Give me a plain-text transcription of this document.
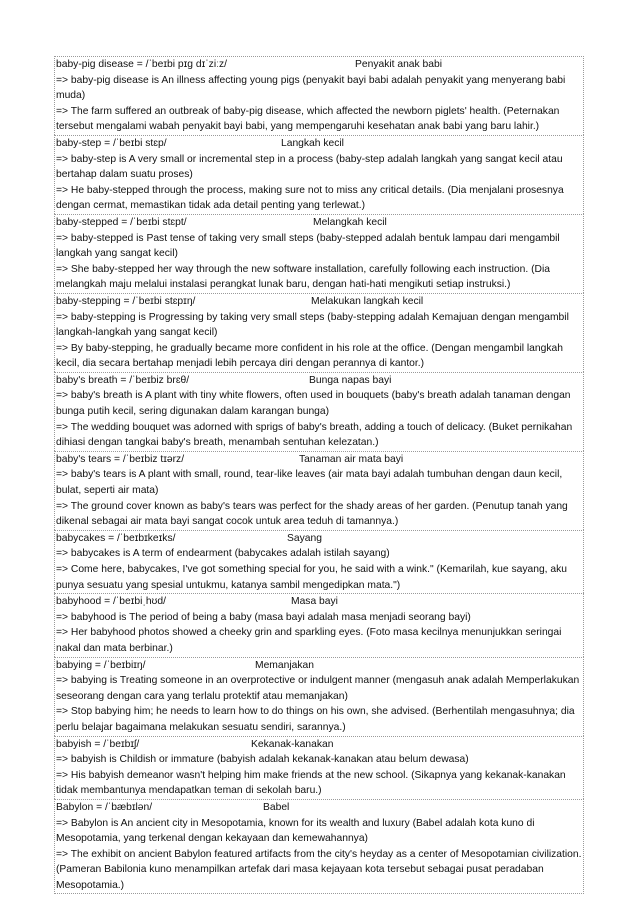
baby-pig disease = /ˈbeɪbi pɪɡ dɪˈziːz/	Penyakit anak babi
=> baby-pig disease is An illness affecting young pigs (penyakit bayi babi adalah penyakit yang menyerang babi muda)
=> The farm suffered an outbreak of baby-pig disease, which affected the newborn piglets' health. (Peternakan tersebut mengalami wabah penyakit bayi babi, yang mempengaruhi kesehatan anak babi yang baru lahir.)
baby-step = /ˈbeɪbi stɛp/	Langkah kecil
=> baby-step is A very small or incremental step in a process (baby-step adalah langkah yang sangat kecil atau bertahap dalam suatu proses)
=> He baby-stepped through the process, making sure not to miss any critical details. (Dia menjalani prosesnya dengan cermat, memastikan tidak ada detail penting yang terlewat.)
baby-stepped = /ˈbeɪbi stɛpt/	Melangkah kecil
=> baby-stepped is Past tense of taking very small steps (baby-stepped adalah bentuk lampau dari mengambil langkah yang sangat kecil)
=> She baby-stepped her way through the new software installation, carefully following each instruction. (Dia melangkah maju melalui instalasi perangkat lunak baru, dengan hati-hati mengikuti setiap instruksi.)
baby-stepping = /ˈbeɪbi stɛpɪŋ/	Melakukan langkah kecil
=> baby-stepping is Progressing by taking very small steps (baby-stepping adalah Kemajuan dengan mengambil langkah-langkah yang sangat kecil)
=> By baby-stepping, he gradually became more confident in his role at the office. (Dengan mengambil langkah kecil, dia secara bertahap menjadi lebih percaya diri dengan perannya di kantor.)
baby's breath = /ˈbeɪbiz brɛθ/	Bunga napas bayi
=> baby's breath is A plant with tiny white flowers, often used in bouquets (baby's breath adalah tanaman dengan bunga putih kecil, sering digunakan dalam karangan bunga)
=> The wedding bouquet was adorned with sprigs of baby's breath, adding a touch of delicacy. (Buket pernikahan dihiasi dengan tangkai baby's breath, menambah sentuhan kelezatan.)
baby's tears = /ˈbeɪbiz tɪərz/	Tanaman air mata bayi
=> baby's tears is A plant with small, round, tear-like leaves (air mata bayi adalah tumbuhan dengan daun kecil, bulat, seperti air mata)
=> The ground cover known as baby's tears was perfect for the shady areas of her garden. (Penutup tanah yang dikenal sebagai air mata bayi sangat cocok untuk area teduh di tamannya.)
babycakes = /ˈbeɪbɪkeɪks/	Sayang
=> babycakes is A term of endearment (babycakes adalah istilah sayang)
=> Come here, babycakes, I've got something special for you, he said with a wink." (Kemarilah, kue sayang, aku punya sesuatu yang spesial untukmu, katanya sambil mengedipkan mata.")
babyhood = /ˈbeɪbiˌhʊd/	Masa bayi
=> babyhood is The period of being a baby (masa bayi adalah masa menjadi seorang bayi)
=> Her babyhood photos showed a cheeky grin and sparkling eyes. (Foto masa kecilnya menunjukkan seringai nakal dan mata berbinar.)
babying = /ˈbeɪbiɪŋ/	Memanjakan
=> babying is Treating someone in an overprotective or indulgent manner (mengasuh anak adalah Memperlakukan seseorang dengan cara yang terlalu protektif atau memanjakan)
=> Stop babying him; he needs to learn how to do things on his own, she advised. (Berhentilah mengasuhnya; dia perlu belajar bagaimana melakukan sesuatu sendiri, sarannya.)
babyish = /ˈbeɪbɪʃ/	Kekanak-kanakan
=> babyish is Childish or immature (babyish adalah kekanak-kanakan atau belum dewasa)
=> His babyish demeanor wasn't helping him make friends at the new school. (Sikapnya yang kekanak-kanakan tidak membantunya mendapatkan teman di sekolah baru.)
Babylon = /ˈbæbɪlən/	Babel
=> Babylon is An ancient city in Mesopotamia, known for its wealth and luxury (Babel adalah kota kuno di Mesopotamia, yang terkenal dengan kekayaan dan kemewahannya)
=> The exhibit on ancient Babylon featured artifacts from the city's heyday as a center of Mesopotamian civilization. (Pameran Babilonia kuno menampilkan artefak dari masa kejayaan kota tersebut sebagai pusat peradaban Mesopotamia.)
